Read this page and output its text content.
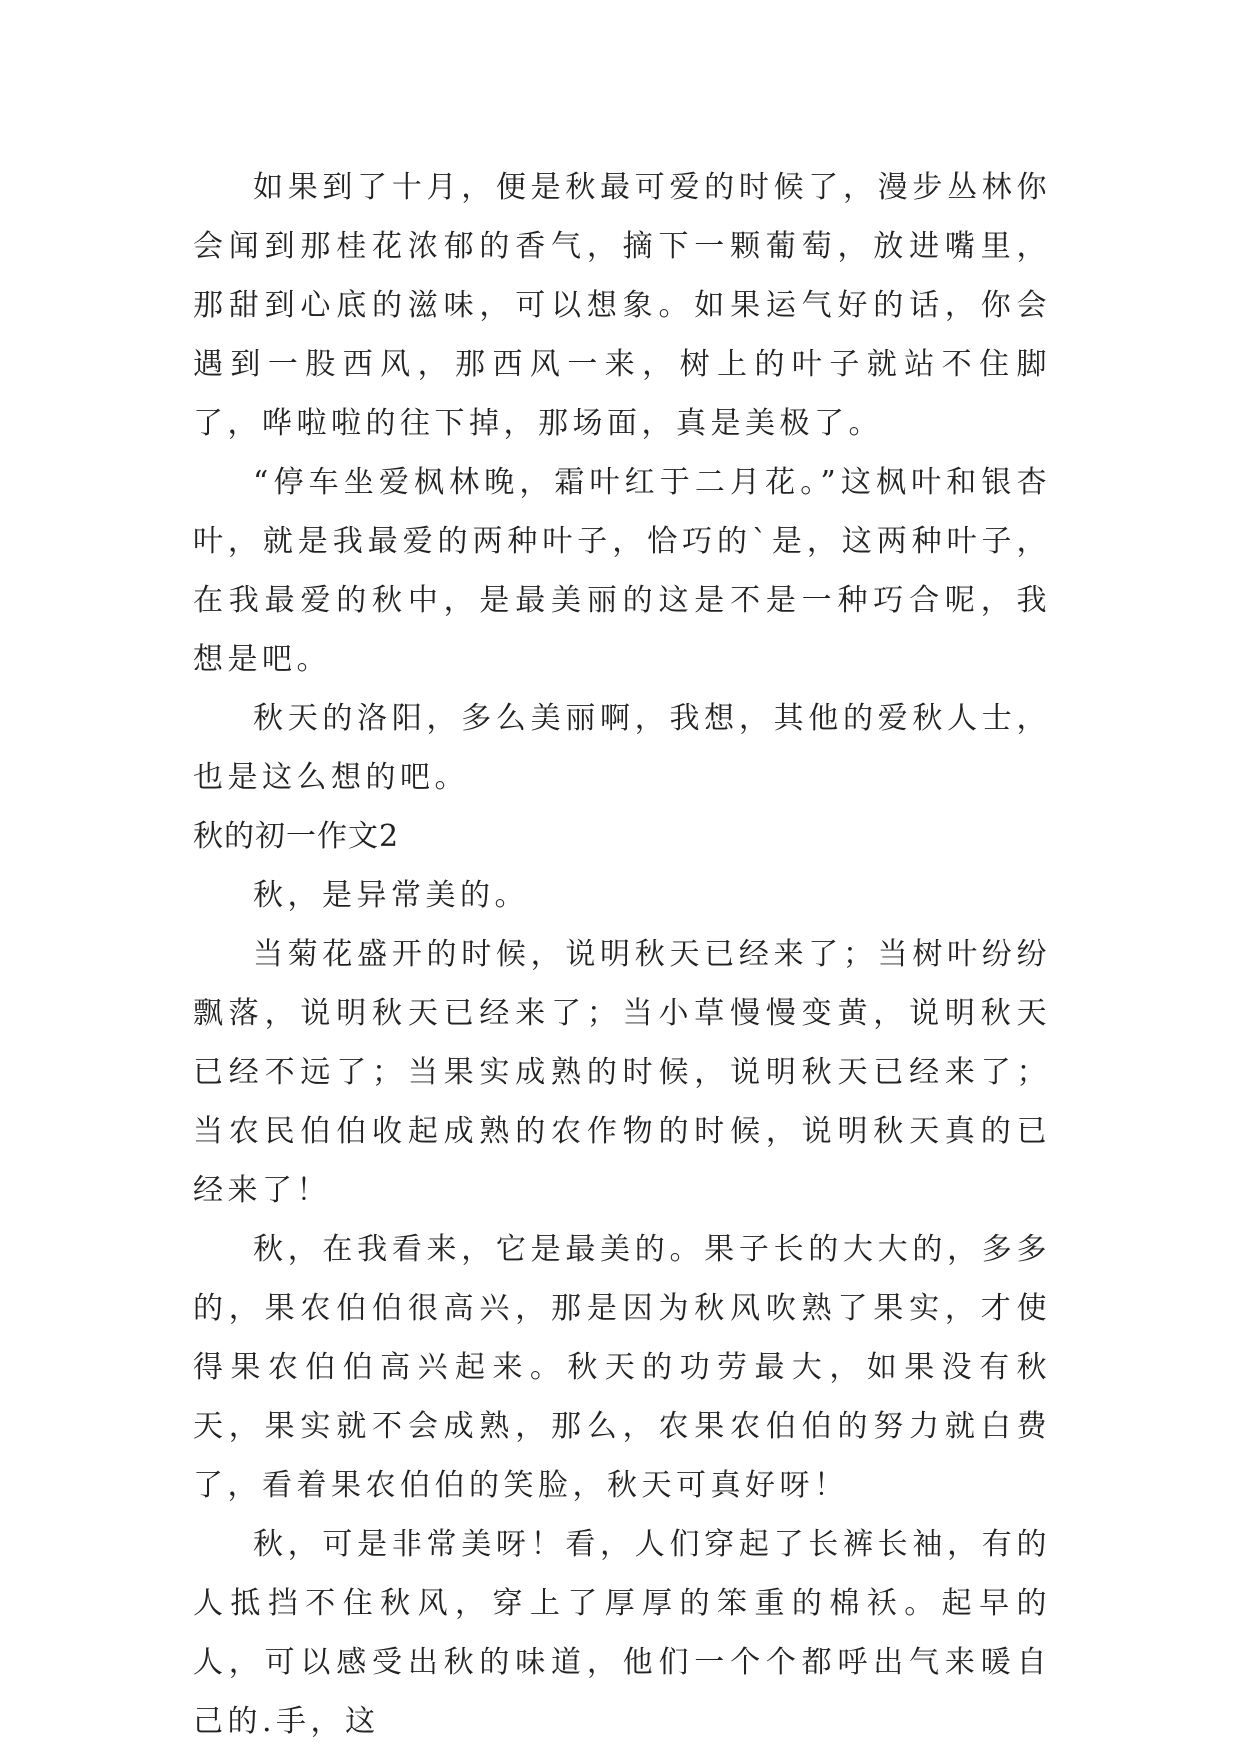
如果到了十月，便是秋最可爱的时候了，漫步丛林你会闻到那桂花浓郁的香气，摘下一颗葡萄，放进嘴里，那甜到心底的滋味，可以想象。如果运气好的话，你会遇到一股西风，那西风一来，树上的叶子就站不住脚了，哗啦啦的往下掉，那场面，真是美极了。

“停车坐爱枫林晚，霜叶红于二月花。”这枫叶和银杏叶，就是我最爱的两种叶子，恰巧的`是，这两种叶子，在我最爱的秋中，是最美丽的这是不是一种巧合呢，我想是吧。

秋天的洛阳，多么美丽啊，我想，其他的爱秋人士，也是这么想的吧。

秋的初一作文2

秋，是异常美的。

当菊花盛开的时候，说明秋天已经来了；当树叶纷纷飘落，说明秋天已经来了；当小草慢慢变黄，说明秋天已经不远了；当果实成熟的时候，说明秋天已经来了；当农民伯伯收起成熟的农作物的时候，说明秋天真的已经来了！

秋，在我看来，它是最美的。果子长的大大的，多多的，果农伯伯很高兴，那是因为秋风吹熟了果实，才使得果农伯伯高兴起来。秋天的功劳最大，如果没有秋天，果实就不会成熟，那么，农果农伯伯的努力就白费了，看着果农伯伯的笑脸，秋天可真好呀！

秋，可是非常美呀！看，人们穿起了长裤长袖，有的人抵挡不住秋风，穿上了厚厚的笨重的棉袄。起早的人，可以感受出秋的味道，他们一个个都呼出气来暖自己的.手，这
